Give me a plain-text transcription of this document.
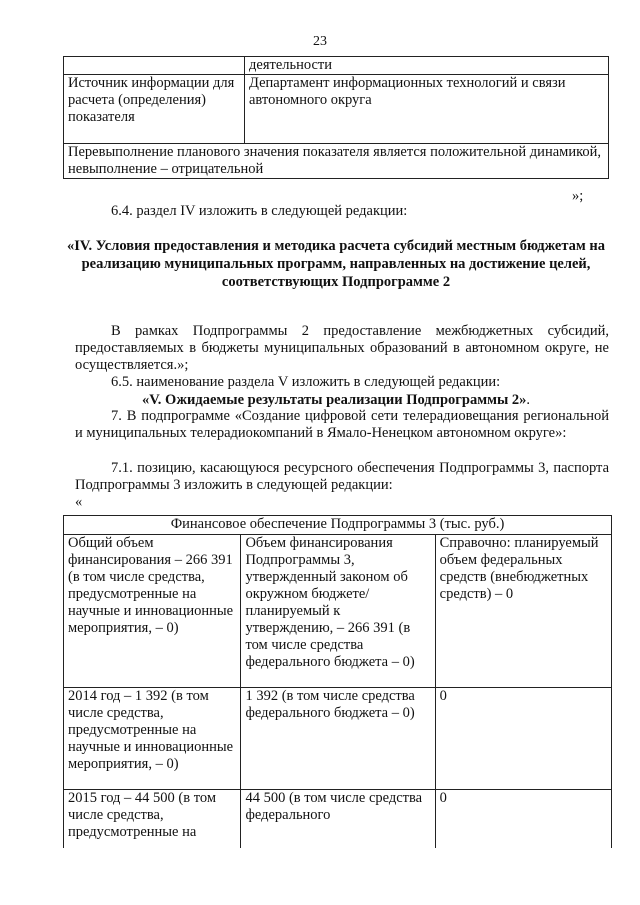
23
	деятельности
Источник информации для расчета (определения) показателя	Департамент информационных технологий и связи автономного округа
Перевыполнение планового значения показателя является положительной динамикой, невыполнение – отрицательной	
»;
6.4. раздел IV изложить в следующей редакции:
«IV. Условия предоставления и методика расчета субсидий местным бюджетам на реализацию муниципальных программ, направленных на достижение целей, соответствующих Подпрограмме 2
В рамках Подпрограммы 2 предоставление межбюджетных субсидий, предоставляемых в бюджеты муниципальных образований в автономном округе, не осуществляется.»;
6.5. наименование раздела V изложить в следующей редакции:
«V. Ожидаемые результаты реализации Подпрограммы 2».
7. В подпрограмме «Создание цифровой сети телерадиовещания региональной и муниципальных телерадиокомпаний в Ямало-Ненецком автономном округе»:
7.1. позицию, касающуюся ресурсного обеспечения Подпрограммы 3, паспорта Подпрограммы 3 изложить в следующей редакции:
«
Финансовое обеспечение Подпрограммы 3 (тыс. руб.)		
Общий объем финансирования – 266 391 (в том числе средства, предусмотренные на научные и инновационные мероприятия, – 0)	Объем финансирования Подпрограммы 3, утвержденный законом об окружном бюджете/ планируемый к утверждению, – 266 391 (в том числе средства федерального бюджета – 0)	Справочно: планируемый объем федеральных средств (внебюджетных средств) – 0
2014 год – 1 392 (в том числе средства, предусмотренные на научные и инновационные мероприятия, – 0)	1 392 (в том числе средства федерального бюджета – 0)	0
2015 год – 44 500 (в том числе средства, предусмотренные на	44 500 (в том числе средства федерального	0
